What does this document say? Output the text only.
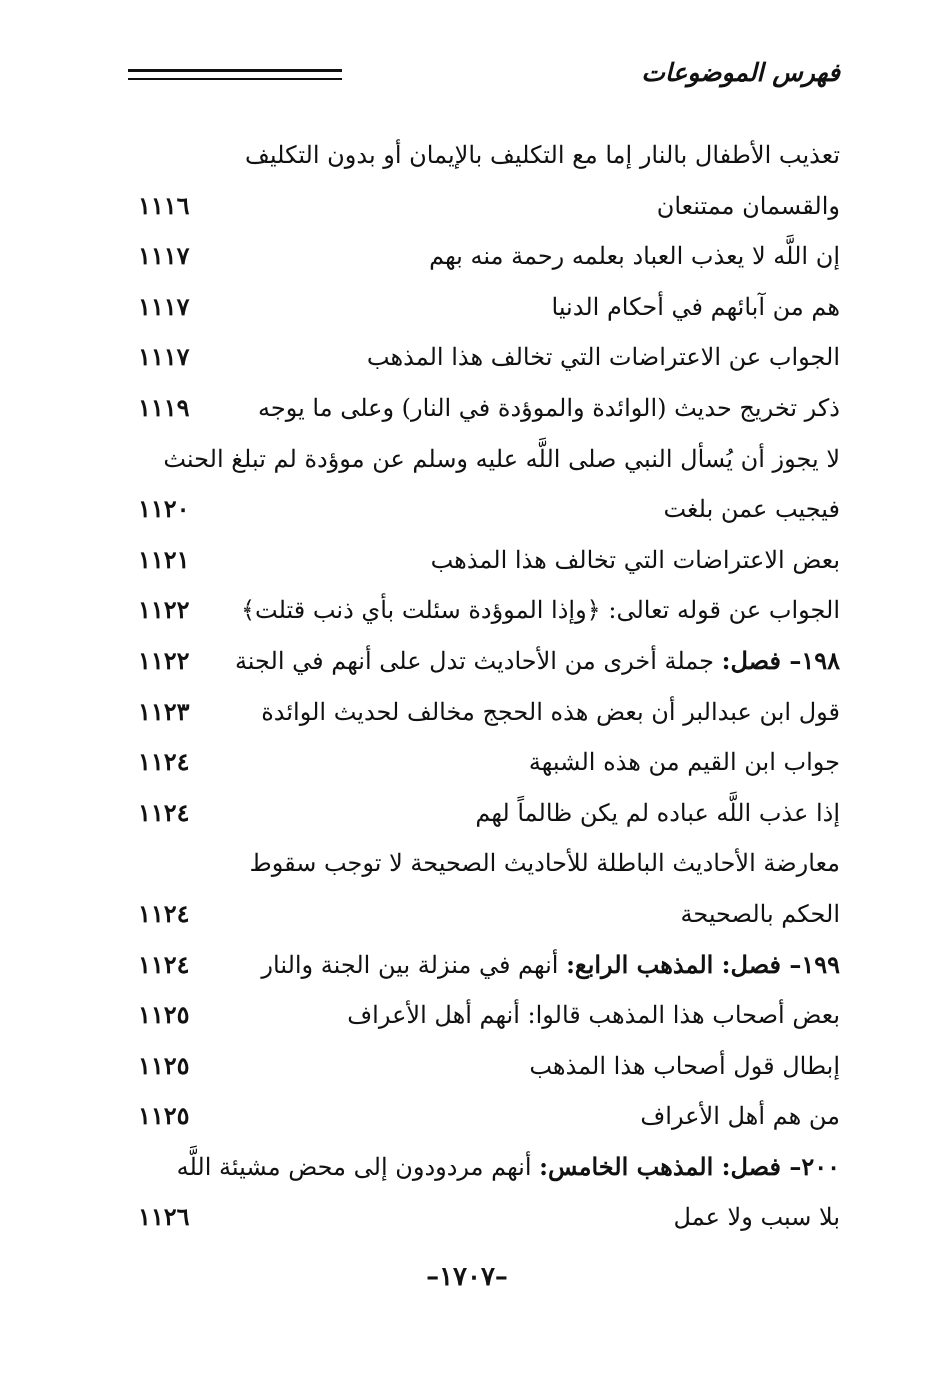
فهرس الموضوعات
تعذيب الأطفال بالنار إما مع التكليف بالإيمان أو بدون التكليف
والقسمان ممتنعان
١١١٦
إن اللَّه لا يعذب العباد بعلمه رحمة منه بهم
١١١٧
هم من آبائهم في أحكام الدنيا
١١١٧
الجواب عن الاعتراضات التي تخالف هذا المذهب
١١١٧
ذكر تخريج حديث (الوائدة والموؤدة في النار) وعلى ما يوجه
١١١٩
لا يجوز أن يُسأل النبي صلى اللَّه عليه وسلم عن موؤدة لم تبلغ الحنث
فيجيب عمن بلغت
١١٢٠
بعض الاعتراضات التي تخالف هذا المذهب
١١٢١
الجواب عن قوله تعالى: ﴿وإذا الموؤدة سئلت بأي ذنب قتلت﴾
١١٢٢
١٩٨– فصل: جملة أخرى من الأحاديث تدل على أنهم في الجنة
١١٢٢
قول ابن عبدالبر أن بعض هذه الحجج مخالف لحديث الوائدة
١١٢٣
جواب ابن القيم من هذه الشبهة
١١٢٤
إذا عذب اللَّه عباده لم يكن ظالماً لهم
١١٢٤
معارضة الأحاديث الباطلة للأحاديث الصحيحة لا توجب سقوط
الحكم بالصحيحة
١١٢٤
١٩٩– فصل: المذهب الرابع: أنهم في منزلة بين الجنة والنار
١١٢٤
بعض أصحاب هذا المذهب قالوا: أنهم أهل الأعراف
١١٢٥
إبطال قول أصحاب هذا المذهب
١١٢٥
من هم أهل الأعراف
١١٢٥
٢٠٠– فصل: المذهب الخامس: أنهم مردودون إلى محض مشيئة اللَّه
بلا سبب ولا عمل
١١٢٦
–١٧٠٧–
